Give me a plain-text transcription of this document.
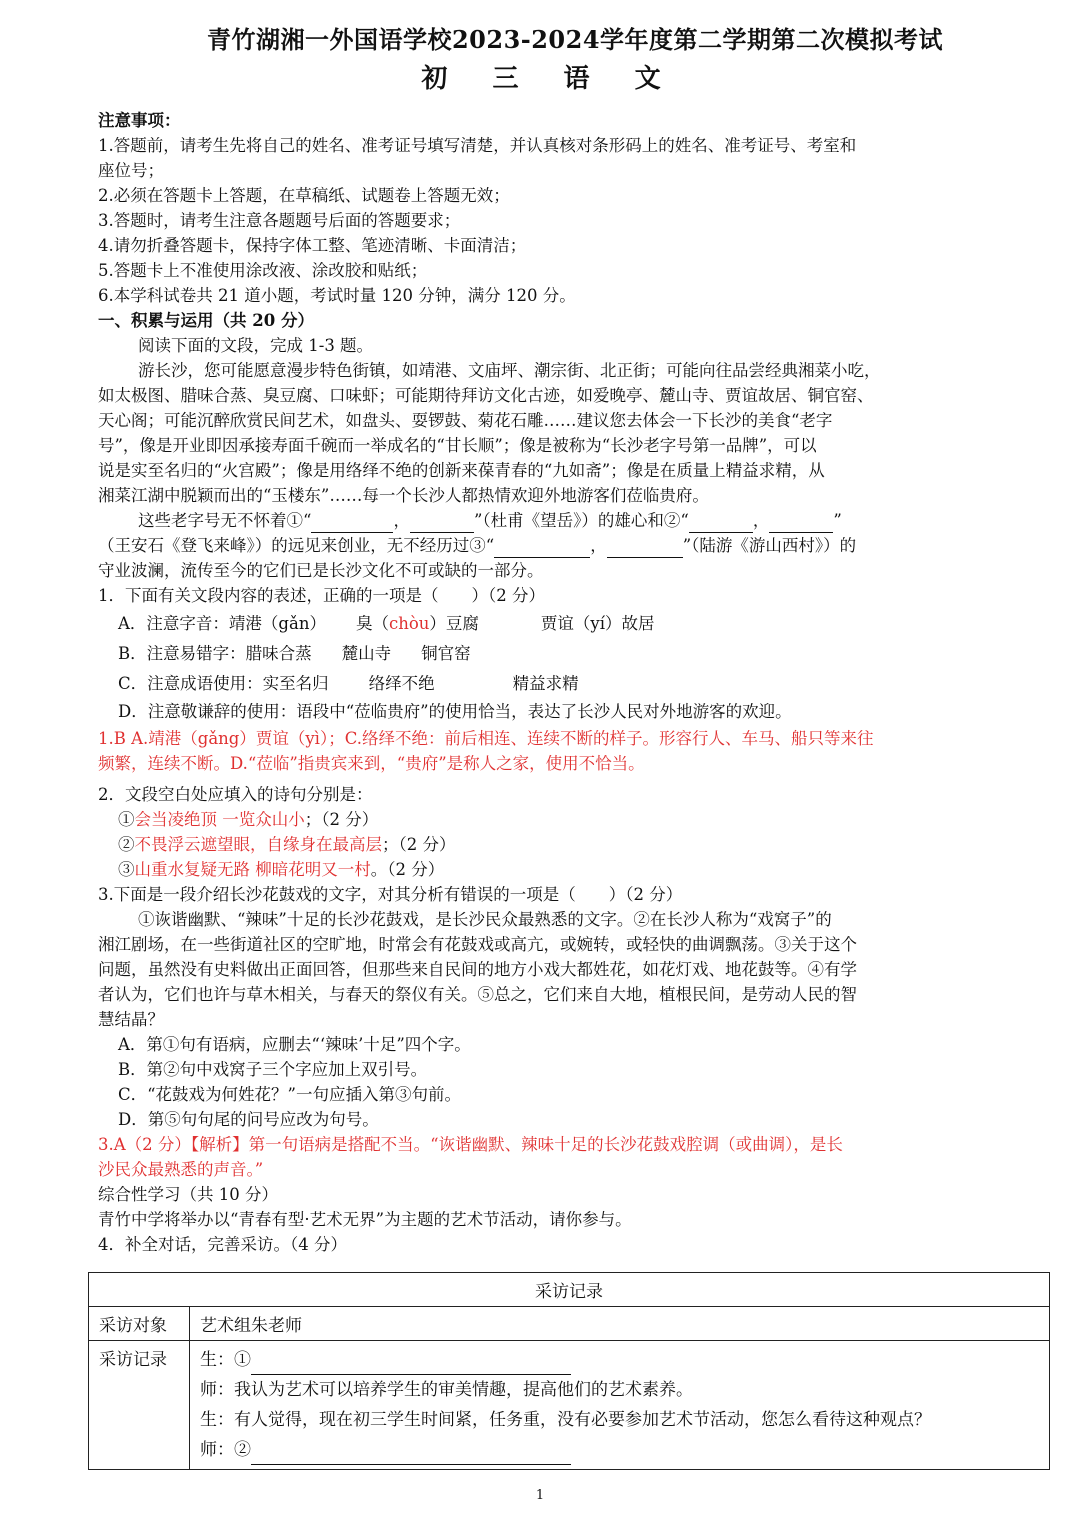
青竹湖湘一外国语学校2023-2024学年度第二学期第二次模拟考试
初 三 语 文
注意事项：
1.答题前，请考生先将自己的姓名、准考证号填写清楚，并认真核对条形码上的姓名、准考证号、考室和
座位号；
2.必须在答题卡上答题，在草稿纸、试题卷上答题无效；
3.答题时，请考生注意各题题号后面的答题要求；
4.请勿折叠答题卡，保持字体工整、笔迹清晰、卡面清洁；
5.答题卡上不准使用涂改液、涂改胶和贴纸；
6.本学科试卷共 21 道小题，考试时量 120 分钟，满分 120 分。
一、积累与运用（共 20 分）
阅读下面的文段，完成 1-3 题。
游长沙，您可能愿意漫步特色街镇，如靖港、文庙坪、潮宗街、北正街；可能向往品尝经典湘菜小吃，
如太极图、腊味合蒸、臭豆腐、口味虾；可能期待拜访文化古迹，如爱晚亭、麓山寺、贾谊故居、铜官窑、
天心阁；可能沉醉欣赏民间艺术，如盘头、耍锣鼓、菊花石雕……建议您去体会一下长沙的美食“老字
号”，像是开业即因承接寿面千碗而一举成名的“甘长顺”；像是被称为“长沙老字号第一品牌”，可以
说是实至名归的“火宫殿”；像是用络绎不绝的创新来葆青春的“九如斋”；像是在质量上精益求精，从
湘菜江湖中脱颖而出的“玉楼东”……每一个长沙人都热情欢迎外地游客们莅临贵府。
这些老字号无不怀着①“	，	”（杜甫《望岳》）的雄心和②“	，	”
（王安石《登飞来峰》）的远见来创业，无不经历过③“	，	”（陆游《游山西村》）的
守业波澜，流传至今的它们已是长沙文化不可或缺的一部分。
1．下面有关文段内容的表述，正确的一项是（　　）（2 分）
A．注意字音：靖港（gǎn） 臭（chòu）豆腐	贾谊（yí）故居
B．注意易错字：腊味合蒸 麓山寺 铜官窑
C．注意成语使用：实至名归 络绎不绝	精益求精
D．注意敬谦辞的使用：语段中“莅临贵府”的使用恰当，表达了长沙人民对外地游客的欢迎。
1.B A.靖港（gǎng）贾谊（yì）；C.络绎不绝：前后相连、连续不断的样子。形容行人、车马、船只等来往
频繁，连续不断。D.“莅临”指贵宾来到，“贵府”是称人之家，使用不恰当。
2．文段空白处应填入的诗句分别是：
①会当凌绝顶 一览众山小；（2 分）
②不畏浮云遮望眼，自缘身在最高层；（2 分）
③山重水复疑无路 柳暗花明又一村。（2 分）
3.下面是一段介绍长沙花鼓戏的文字，对其分析有错误的一项是（　　）（2 分）
①诙谐幽默、“辣味”十足的长沙花鼓戏，是长沙民众最熟悉的文字。②在长沙人称为“戏窝子”的
湘江剧场，在一些街道社区的空旷地，时常会有花鼓戏或高亢，或婉转，或轻快的曲调飘荡。③关于这个
问题，虽然没有史料做出正面回答，但那些来自民间的地方小戏大都姓花，如花灯戏、地花鼓等。④有学
者认为，它们也许与草木相关，与春天的祭仪有关。⑤总之，它们来自大地，植根民间，是劳动人民的智
慧结晶？
A．第①句有语病，应删去“‘辣味’十足”四个字。
B．第②句中戏窝子三个字应加上双引号。
C．“花鼓戏为何姓花？”一句应插入第③句前。
D．第⑤句句尾的问号应改为句号。
3.A（2 分）【解析】第一句语病是搭配不当。“诙谐幽默、辣味十足的长沙花鼓戏腔调（或曲调），是长
沙民众最熟悉的声音。”
综合性学习（共 10 分）
青竹中学将举办以“青春有型·艺术无界”为主题的艺术节活动，请你参与。
4．补全对话，完善采访。（4 分）
采访记录	
采访对象	艺术组朱老师
采访记录	生：①
师：我认为艺术可以培养学生的审美情趣，提高他们的艺术素养。
生：有人觉得，现在初三学生时间紧，任务重，没有必要参加艺术节活动，您怎么看待这种观点？
师：②
1
